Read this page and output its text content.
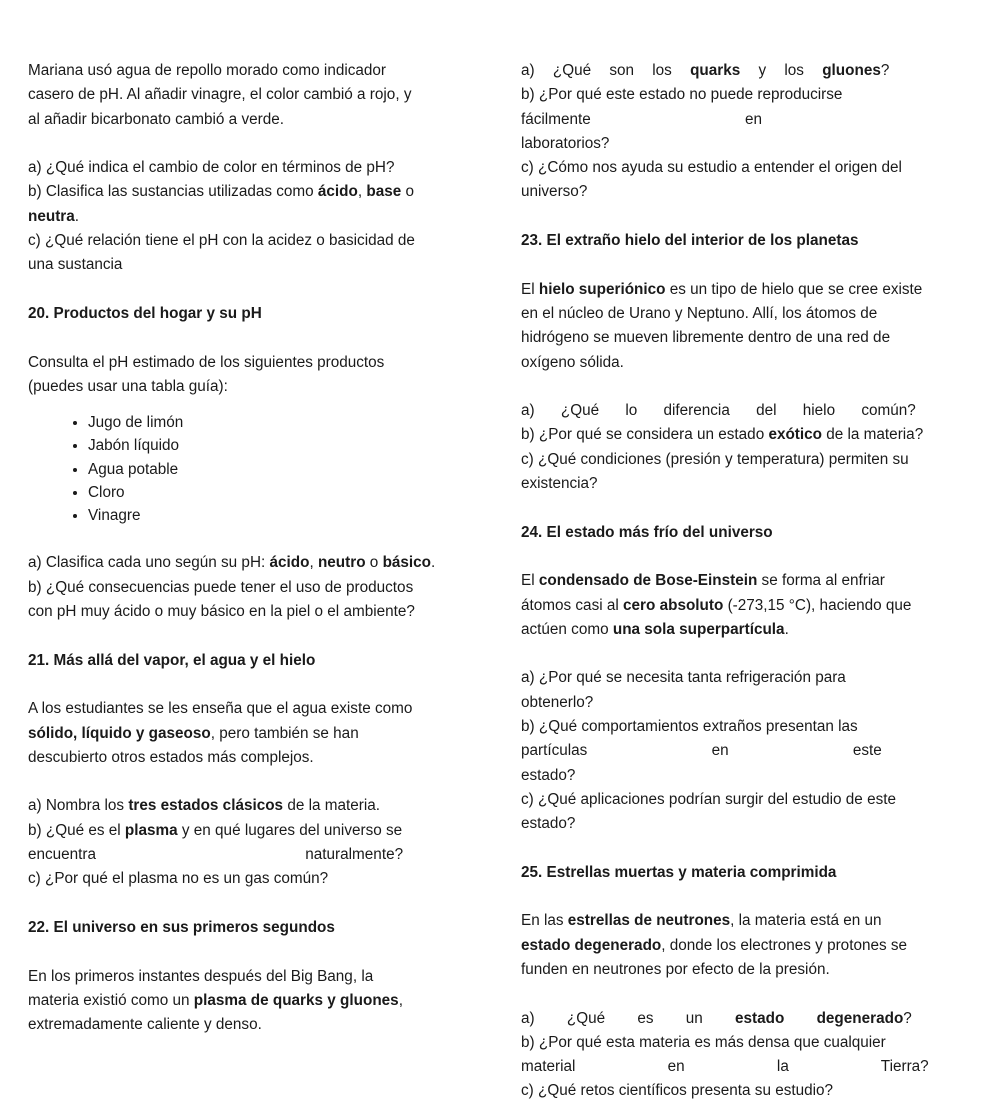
Mariana usó agua de repollo morado como indicador

casero de pH. Al añadir vinagre, el color cambió a rojo, y

al añadir bicarbonato cambió a verde.

a) ¿Qué indica el cambio de color en términos de pH?

b) Clasifica las sustancias utilizadas como ácido, base o

neutra.

c) ¿Qué relación tiene el pH con la acidez o basicidad de

una sustancia

20. Productos del hogar y su pH

Consulta el pH estimado de los siguientes productos

(puedes usar una tabla guía):

• Jugo de limón
• Jabón líquido
• Agua potable
• Cloro
• Vinagre

a) Clasifica cada uno según su pH: ácido, neutro o básico.

b) ¿Qué consecuencias puede tener el uso de productos

con pH muy ácido o muy básico en la piel o el ambiente?

21. Más allá del vapor, el agua y el hielo

A los estudiantes se les enseña que el agua existe como

sólido, líquido y gaseoso, pero también se han

descubierto otros estados más complejos.

a) Nombra los tres estados clásicos de la materia.

b) ¿Qué es el plasma y en qué lugares del universo se

encuentra naturalmente?

c) ¿Por qué el plasma no es un gas común?

22. El universo en sus primeros segundos

En los primeros instantes después del Big Bang, la

materia existió como un plasma de quarks y gluones,

extremadamente caliente y denso.

a) ¿Qué son los quarks y los gluones?

b) ¿Por qué este estado no puede reproducirse

fácilmente en laboratorios?

c) ¿Cómo nos ayuda su estudio a entender el origen del

universo?

23. El extraño hielo del interior de los planetas

El hielo superiónico es un tipo de hielo que se cree existe

en el núcleo de Urano y Neptuno. Allí, los átomos de

hidrógeno se mueven libremente dentro de una red de

oxígeno sólida.

a) ¿Qué lo diferencia del hielo común?

b) ¿Por qué se considera un estado exótico de la materia?

c) ¿Qué condiciones (presión y temperatura) permiten su

existencia?

24. El estado más frío del universo

El condensado de Bose-Einstein se forma al enfriar

átomos casi al cero absoluto (-273,15 °C), haciendo que

actúen como una sola superpartícula.

a) ¿Por qué se necesita tanta refrigeración para

obtenerlo?

b) ¿Qué comportamientos extraños presentan las

partículas en este estado?

c) ¿Qué aplicaciones podrían surgir del estudio de este

estado?

25. Estrellas muertas y materia comprimida

En las estrellas de neutrones, la materia está en un

estado degenerado, donde los electrones y protones se

funden en neutrones por efecto de la presión.

a) ¿Qué es un estado degenerado?

b) ¿Por qué esta materia es más densa que cualquier

material en la Tierra?

c) ¿Qué retos científicos presenta su estudio?
